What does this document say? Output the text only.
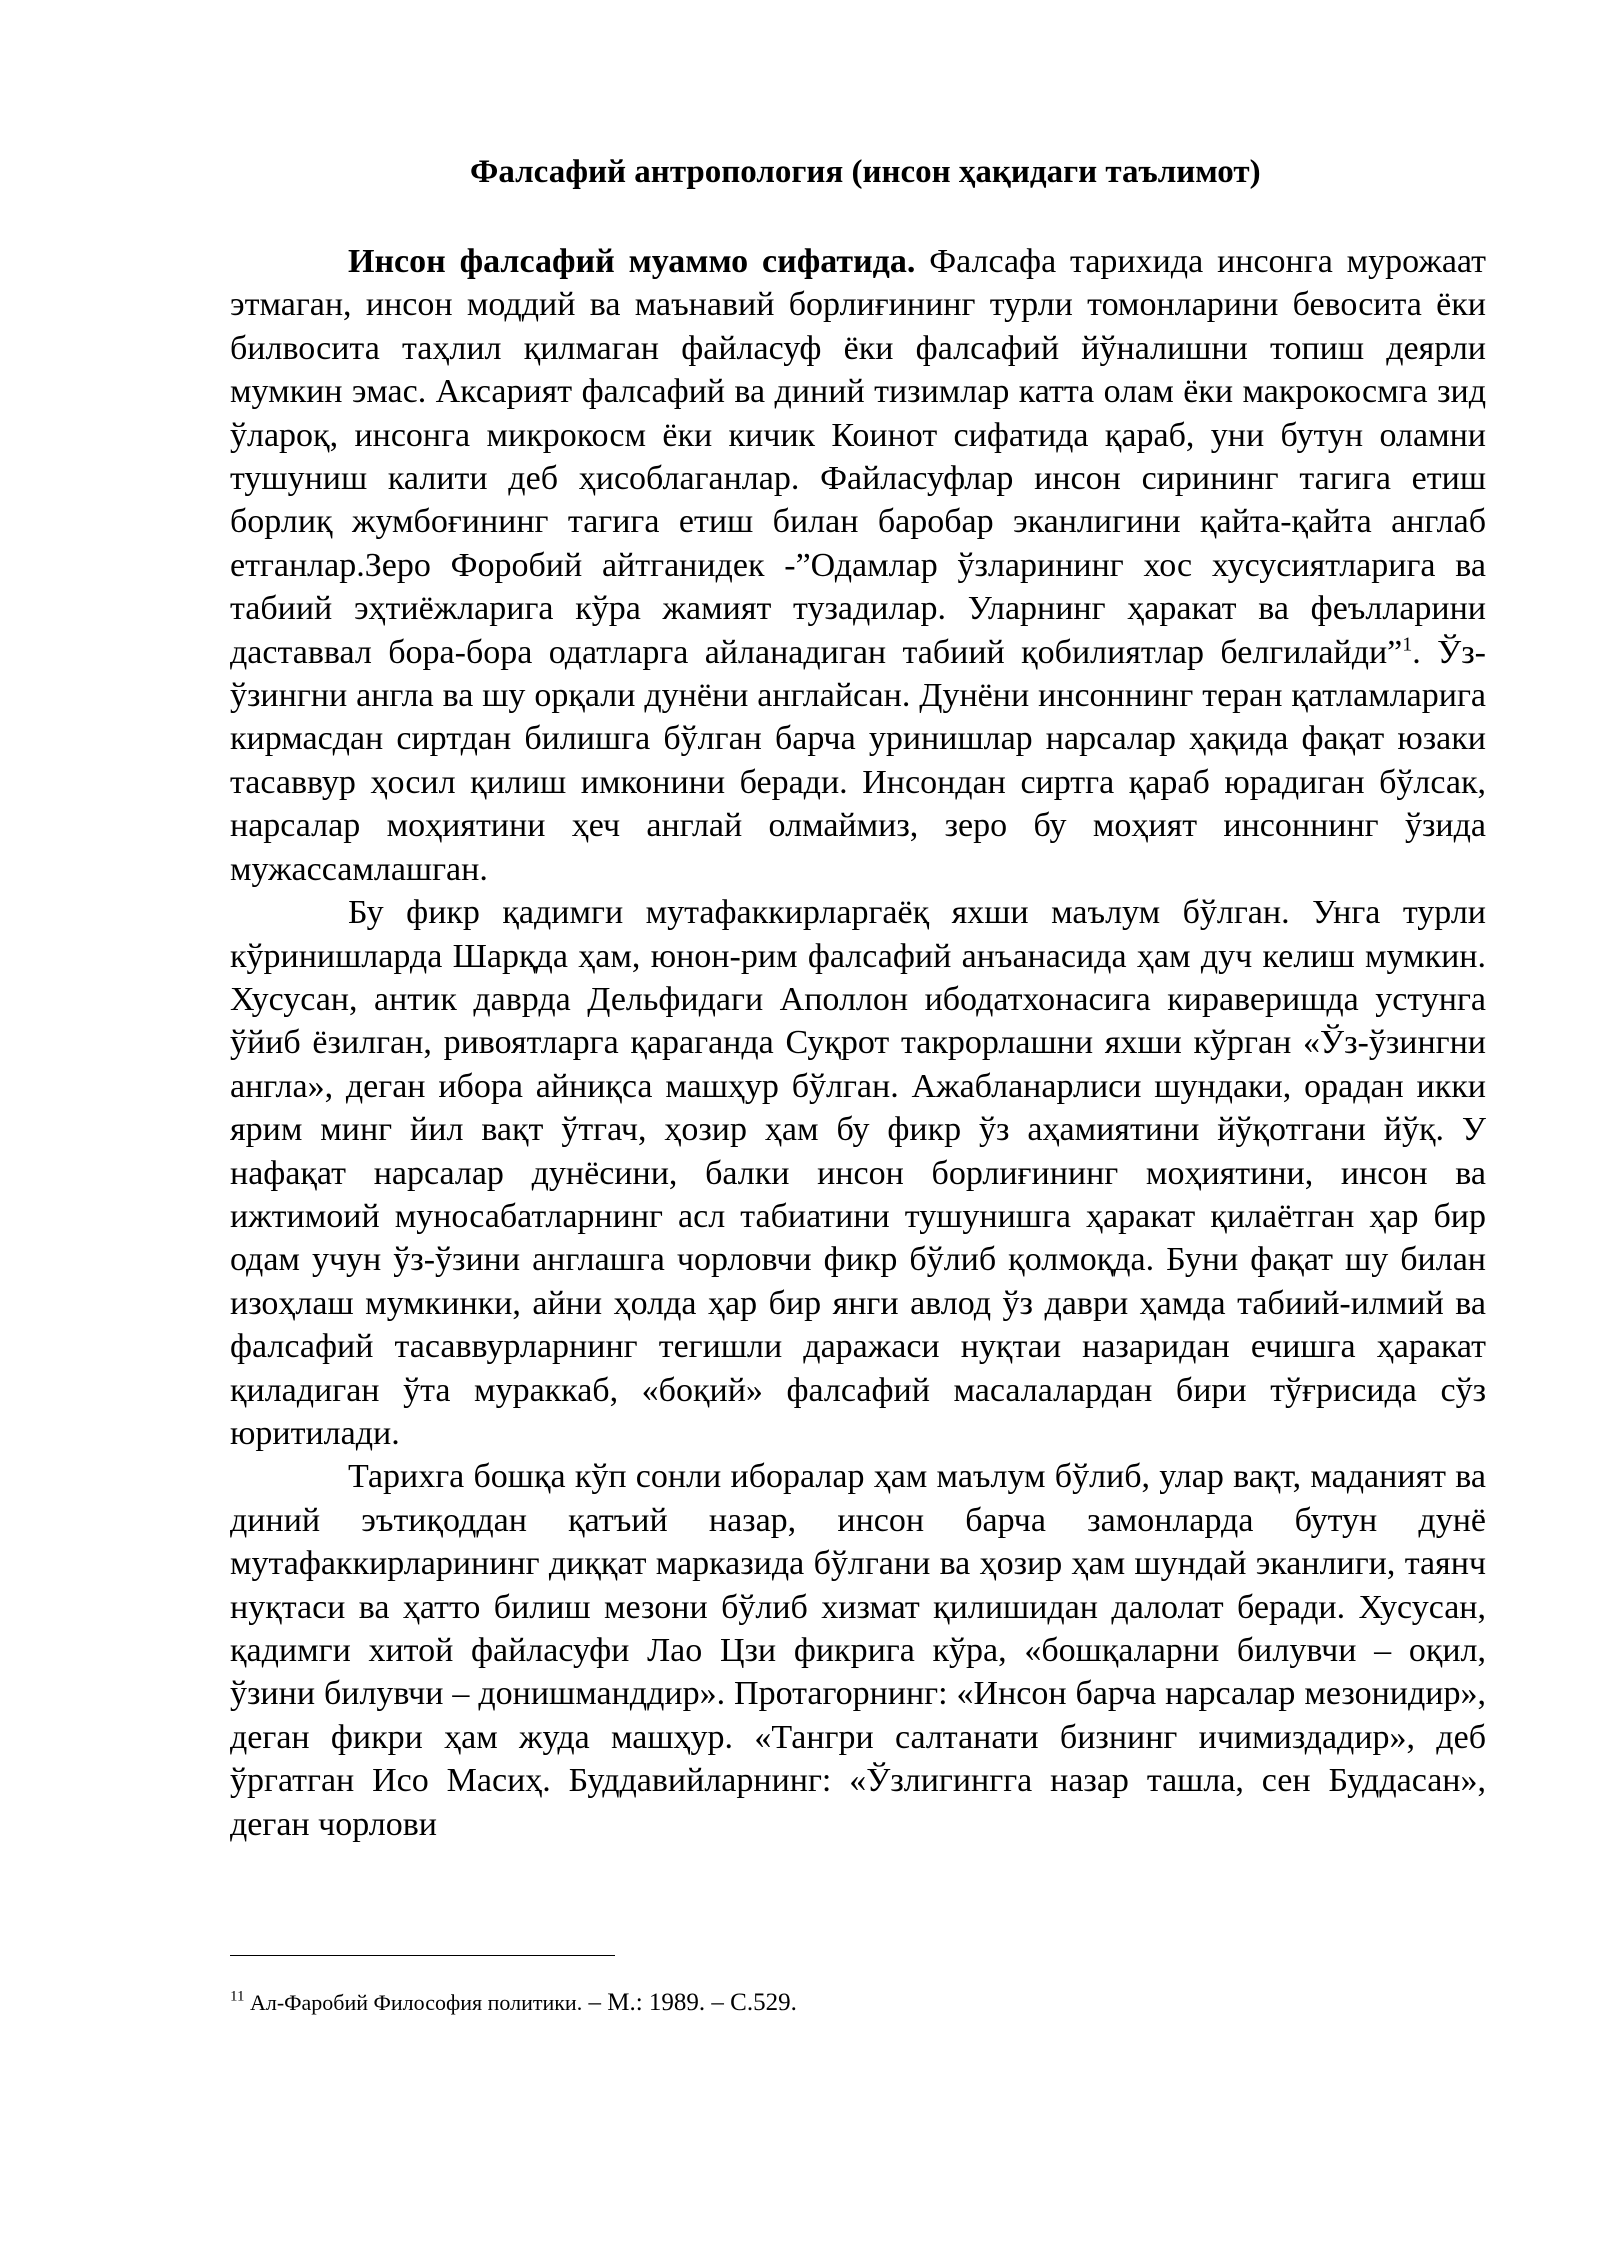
Фалсафий антропология (инсон ҳақидаги таълимот)

Инсон фалсафий муаммо сифатида. Фалсафа тарихида инсонга мурожаат этмаган, инсон моддий ва маънавий борлиғининг турли томонларини бевосита ёки билвосита таҳлил қилмаган файласуф ёки фалсафий йўналишни топиш деярли мумкин эмас. Аксарият фалсафий ва диний тизимлар катта олам ёки макрокосмга зид ўлароқ, инсонга микрокосм ёки кичик Коинот сифатида қараб, уни бутун оламни тушуниш калити деб ҳисоблаганлар. Файласуфлар инсон сирининг тагига етиш борлиқ жумбоғининг тагига етиш билан баробар эканлигини қайта-қайта англаб етганлар.Зеро Форобий айтганидек -”Одамлар ўзларининг хос хусусиятларига ва табиий эҳтиёжларига кўра жамият тузадилар. Уларнинг ҳаракат ва феълларини даставвал бора-бора одатларга айланадиган табиий қобилиятлар белгилайди”$^1$. Ўз-ўзингни англа ва шу орқали дунёни англайсан. Дунёни инсоннинг теран қатламларига кирмасдан сиртдан билишга бўлган барча уринишлар нарсалар ҳақида фақат юзаки тасаввур ҳосил қилиш имконини беради. Инсондан сиртга қараб юрадиган бўлсак, нарсалар моҳиятини ҳеч англай олмаймиз, зеро бу моҳият инсоннинг ўзида мужассамлашган.

Бу фикр қадимги мутафаккирларгаёқ яхши маълум бўлган. Унга турли кўринишларда Шарқда ҳам, юнон-рим фалсафий анъанасида ҳам дуч келиш мумкин. Хусусан, антик даврда Дельфидаги Аполлон ибодатхонасига кираверишда устунга ўйиб ёзилган, ривоятларга қараганда Суқрот такрорлашни яхши кўрган «Ўз-ўзингни англа», деган ибора айниқса машҳур бўлган. Ажабланарлиси шундаки, орадан икки ярим минг йил вақт ўтгач, ҳозир ҳам бу фикр ўз аҳамиятини йўқотгани йўқ. У нафақат нарсалар дунёсини, балки инсон борлиғининг моҳиятини, инсон ва ижтимоий муносабатларнинг асл табиатини тушунишга ҳаракат қилаётган ҳар бир одам учун ўз-ўзини англашга чорловчи фикр бўлиб қолмоқда. Буни фақат шу билан изоҳлаш мумкинки, айни ҳолда ҳар бир янги авлод ўз даври ҳамда табиий-илмий ва фалсафий тасаввурларнинг тегишли даражаси нуқтаи назаридан ечишга ҳаракат қиладиган ўта мураккаб, «боқий» фалсафий масалалардан бири тўғрисида сўз юритилади.

Тарихга бошқа кўп сонли иборалар ҳам маълум бўлиб, улар вақт, маданият ва диний эътиқоддан қатъий назар, инсон барча замонларда бутун дунё мутафаккирларининг диққат марказида бўлгани ва ҳозир ҳам шундай эканлиги, таянч нуқтаси ва ҳатто билиш мезони бўлиб хизмат қилишидан далолат беради. Хусусан, қадимги хитой файласуфи Лао Цзи фикрига кўра, «бошқаларни билувчи – оқил, ўзини билувчи – донишманддир». Протагорнинг: «Инсон барча нарсалар мезонидир», деган фикри ҳам жуда машҳур. «Тангри салтанати бизнинг ичимиздадир», деб ўргатган Исо Масиҳ. Буддавийларнинг: «Ўзлигингга назар ташла, сен Буддасан», деган чорлови

$^{11}$ Ал-Фаробий Философия политики. – М.: 1989. – С.529.
